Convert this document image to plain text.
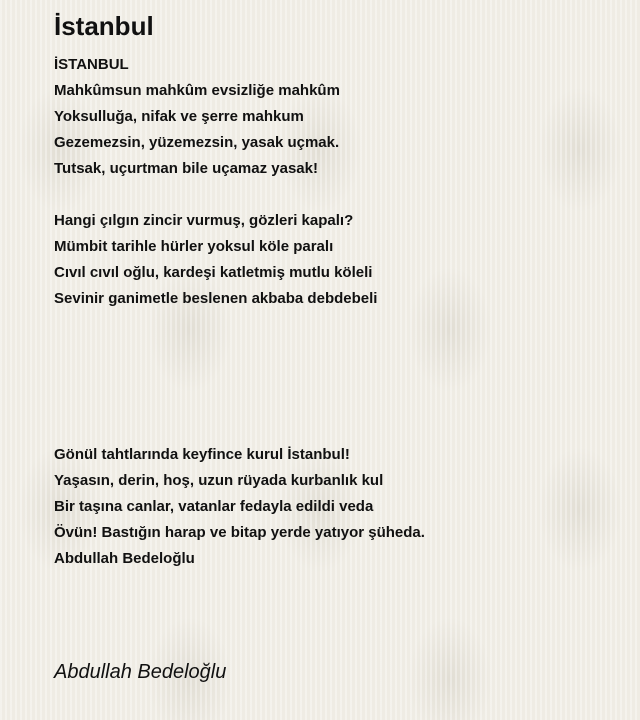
İstanbul
İSTANBUL
Mahkûmsun mahkûm evsizliğe mahkûm
Yoksulluğa, nifak ve şerre mahkum
Gezemezsin, yüzemezsin, yasak uçmak.
Tutsak, uçurtman bile uçamaz yasak!
Hangi çılgın zincir vurmuş, gözleri kapalı?
Mümbit tarihle hürler yoksul köle paralı
Cıvıl cıvıl oğlu, kardeşi katletmiş mutlu köleli
Sevinir ganimetle beslenen akbaba debdebeli
Gönül tahtlarında keyfince kurul İstanbul!
Yaşasın, derin, hoş, uzun rüyada kurbanlık kul
Bir taşına canlar, vatanlar fedayla edildi veda
Övün! Bastığın harap ve bitap yerde yatıyor şüheda.
Abdullah Bedeloğlu
Abdullah Bedeloğlu
